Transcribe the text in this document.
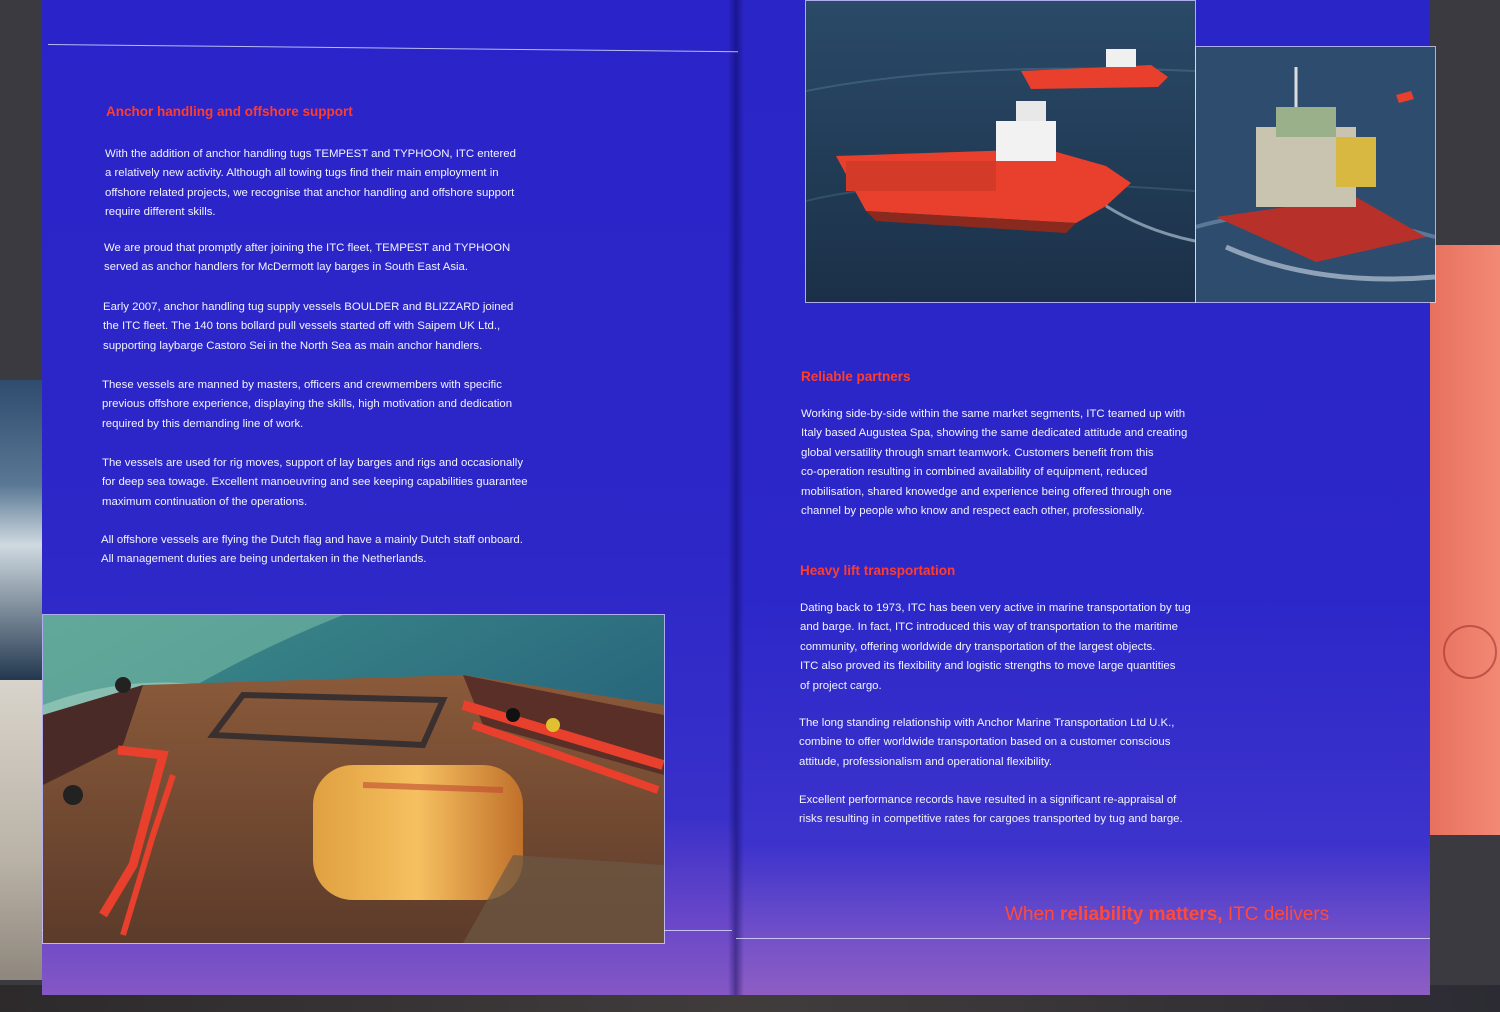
Anchor handling and offshore support

With the addition of anchor handling tugs TEMPEST and TYPHOON, ITC entered
a relatively new activity. Although all towing tugs find their main employment in
offshore related projects, we recognise that anchor handling and offshore support
require different skills.

We are proud that promptly after joining the ITC fleet, TEMPEST and TYPHOON
served as anchor handlers for McDermott lay barges in South East Asia.

Early 2007, anchor handling tug supply vessels BOULDER and BLIZZARD joined
the ITC fleet. The 140 tons bollard pull vessels started off with Saipem UK Ltd.,
supporting laybarge Castoro Sei in the North Sea as main anchor handlers.

These vessels are manned by masters, officers and crewmembers with specific
previous offshore experience, displaying the skills, high motivation and dedication
required by this demanding line of work.

The vessels are used for rig moves, support of lay barges and rigs and occasionally
for deep sea towage. Excellent manoeuvring and see keeping capabilities guarantee
maximum continuation of the operations.

All offshore vessels are flying the Dutch flag and have a mainly Dutch staff onboard.
All management duties are being undertaken in the Netherlands.

Reliable partners

Working side-by-side within the same market segments, ITC teamed up with
Italy based Augustea Spa, showing the same dedicated attitude and creating
global versatility through smart teamwork. Customers benefit from this
co-operation resulting in combined availability of equipment, reduced
mobilisation, shared knowedge and experience being offered through one
channel by people who know and respect each other, professionally.

Heavy lift transportation

Dating back to 1973, ITC has been very active in marine transportation by tug
and barge. In fact, ITC introduced this way of transportation to the maritime
community, offering worldwide dry transportation of the largest objects.
ITC also proved its flexibility and logistic strengths to move large quantities
of project cargo.

The long standing relationship with Anchor Marine Transportation Ltd U.K.,
combine to offer worldwide transportation based on a customer conscious
attitude, professionalism and operational flexibility.

Excellent performance records have resulted in a significant re-appraisal of
risks resulting in competitive rates for cargoes transported by tug and barge.

When reliability matters, ITC delivers
